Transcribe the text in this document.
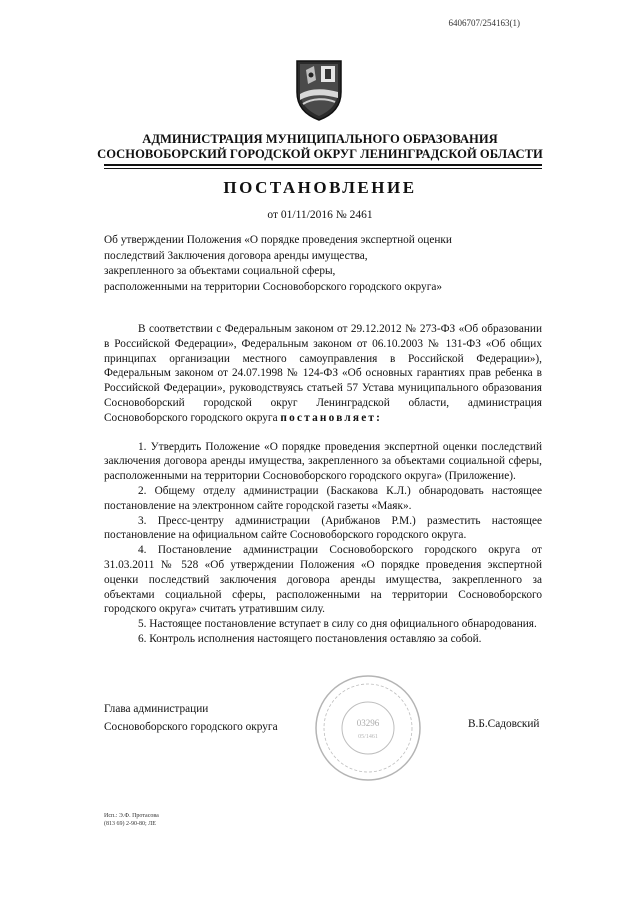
6406707/254163(1)
АДМИНИСТРАЦИЯ МУНИЦИПАЛЬНОГО ОБРАЗОВАНИЯ
СОСНОВОБОРСКИЙ ГОРОДСКОЙ ОКРУГ ЛЕНИНГРАДСКОЙ ОБЛАСТИ
ПОСТАНОВЛЕНИЕ
от 01/11/2016 № 2461
Об утверждении Положения «О порядке проведения экспертной оценки
последствий Заключения договора аренды имущества,
закрепленного за объектами социальной сферы,
расположенными на территории Сосновоборского городского округа»

В соответствии с Федеральным законом от 29.12.2012 № 273-ФЗ «Об образовании в Российской Федерации», Федеральным законом от 06.10.2003 № 131-ФЗ «Об общих принципах организации местного самоуправления в Российской Федерации»), Федеральным законом от 24.07.1998 № 124-ФЗ «Об основных гарантиях прав ребенка в Российской Федерации», руководствуясь статьей 57 Устава муниципального образования Сосновоборский городской округ Ленинградской области, администрация Сосновоборского городского округа постановляет:

1. Утвердить Положение «О порядке проведения экспертной оценки последствий заключения договора аренды имущества, закрепленного за объектами социальной сферы, расположенными на территории Сосновоборского городского округа» (Приложение).

2. Общему отделу администрации (Баскакова К.Л.) обнародовать настоящее постановление на электронном сайте городской газеты «Маяк».

3. Пресс-центру администрации (Арибжанов Р.М.) разместить настоящее постановление на официальном сайте Сосновоборского городского округа.

4. Постановление администрации Сосновоборского городского округа от 31.03.2011 № 528 «Об утверждении Положения «О порядке проведения экспертной оценки последствий заключения договора аренды имущества, закрепленного за объектами социальной сферы, расположенными на территории Сосновоборского городского округа» считать утратившим силу.

5. Настоящее постановление вступает в силу со дня официального обнародования.

6. Контроль исполнения настоящего постановления оставляю за собой.

03296
05/1461
Глава администрации
Сосновоборского городского округа	В.Б.Садовский
Исп.: Э.Ф. Протасова
(813 69) 2-90-80; ЛЕ
